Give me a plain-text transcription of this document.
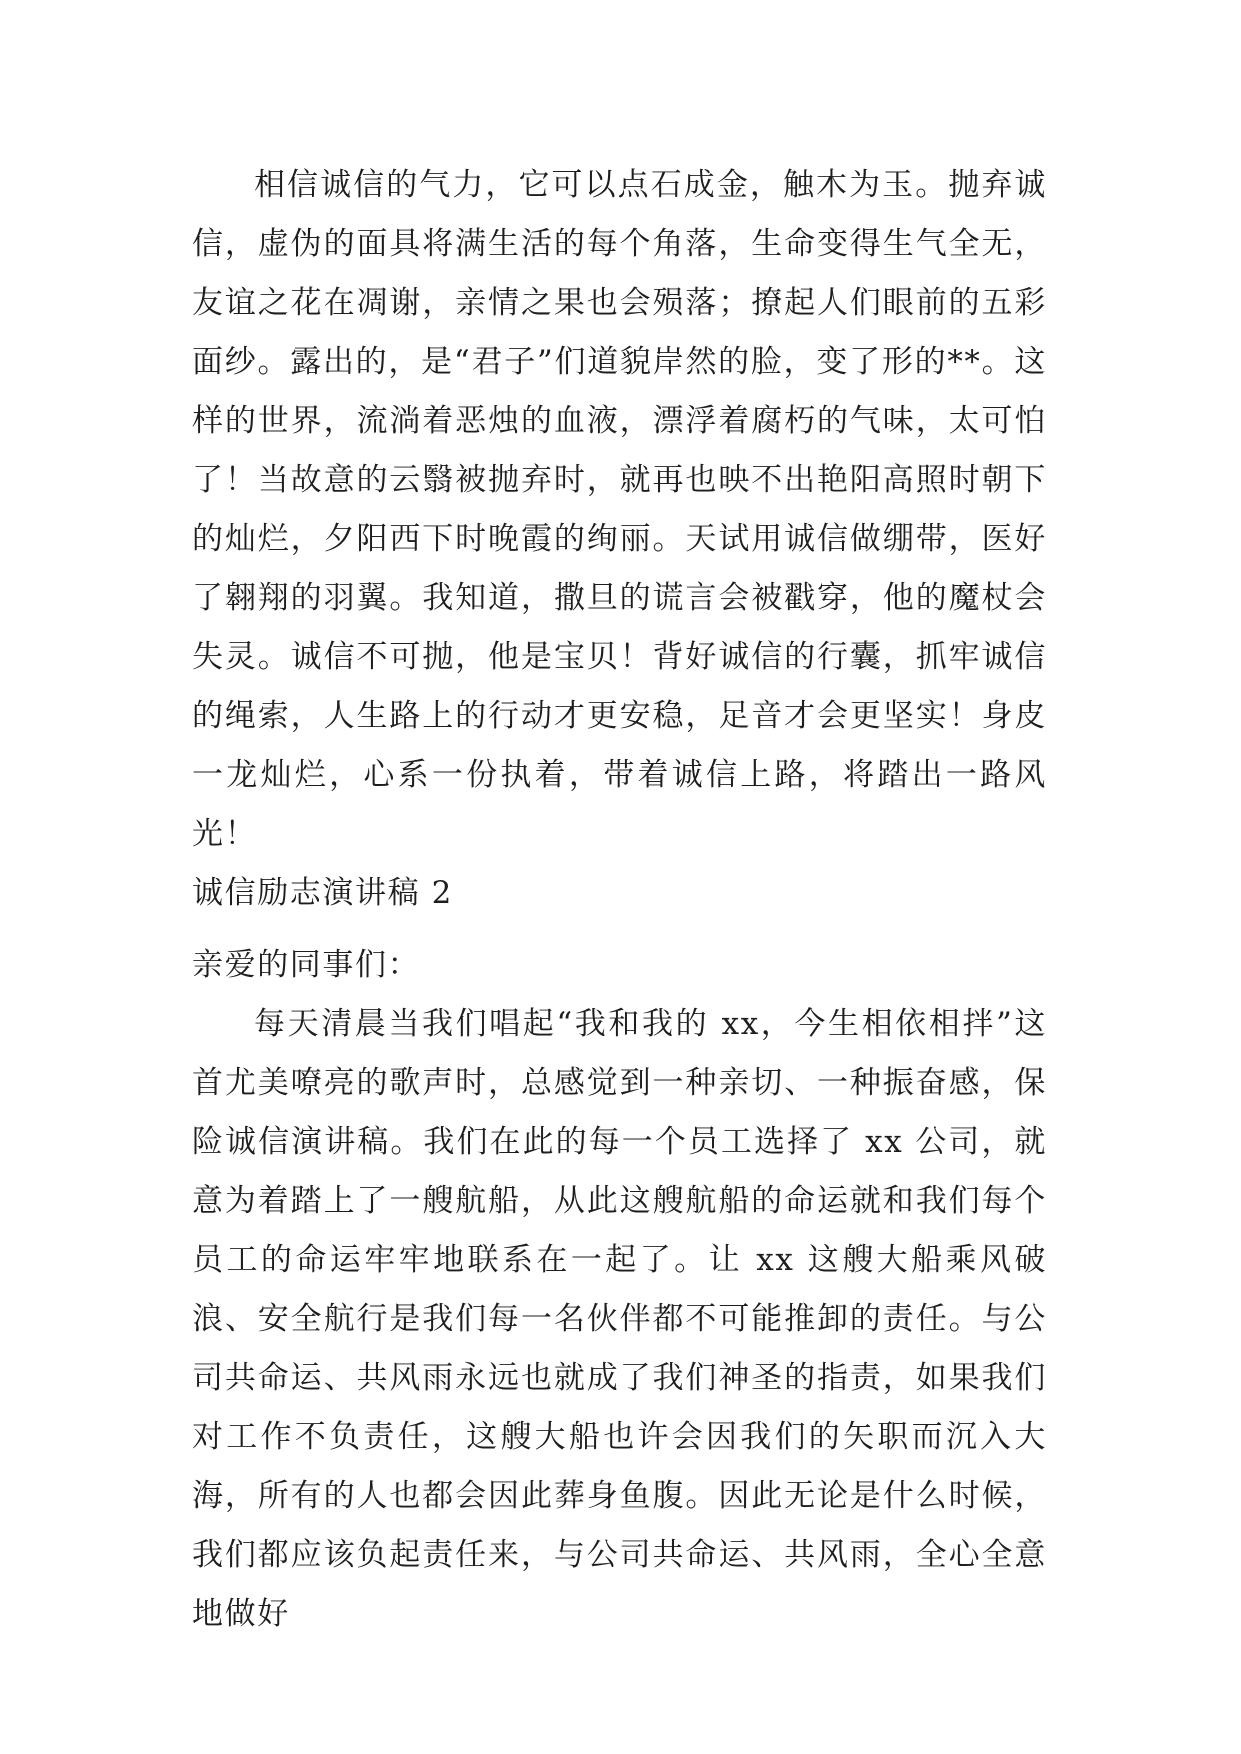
相信诚信的气力，它可以点石成金，触木为玉。抛弃诚信，虚伪的面具将满生活的每个角落，生命变得生气全无，友谊之花在凋谢，亲情之果也会殒落；撩起人们眼前的五彩面纱。露出的，是“君子”们道貌岸然的脸，变了形的**。这样的世界，流淌着恶烛的血液，漂浮着腐朽的气味，太可怕了！当故意的云翳被抛弃时，就再也映不出艳阳高照时朝下的灿烂，夕阳西下时晚霞的绚丽。天试用诚信做绷带，医好了翱翔的羽翼。我知道，撒旦的谎言会被戳穿，他的魔杖会失灵。诚信不可抛，他是宝贝！背好诚信的行囊，抓牢诚信的绳索，人生路上的行动才更安稳，足音才会更坚实！身皮一龙灿烂，心系一份执着，带着诚信上路，将踏出一路风光！

诚信励志演讲稿 2

亲爱的同事们：

每天清晨当我们唱起“我和我的 xx，今生相依相拌”这首尤美嘹亮的歌声时，总感觉到一种亲切、一种振奋感，保险诚信演讲稿。我们在此的每一个员工选择了 xx 公司，就意为着踏上了一艘航船，从此这艘航船的命运就和我们每个员工的命运牢牢地联系在一起了。让 xx 这艘大船乘风破浪、安全航行是我们每一名伙伴都不可能推卸的责任。与公司共命运、共风雨永远也就成了我们神圣的指责，如果我们对工作不负责任，这艘大船也许会因我们的矢职而沉入大海，所有的人也都会因此葬身鱼腹。因此无论是什么时候，我们都应该负起责任来，与公司共命运、共风雨，全心全意地做好
